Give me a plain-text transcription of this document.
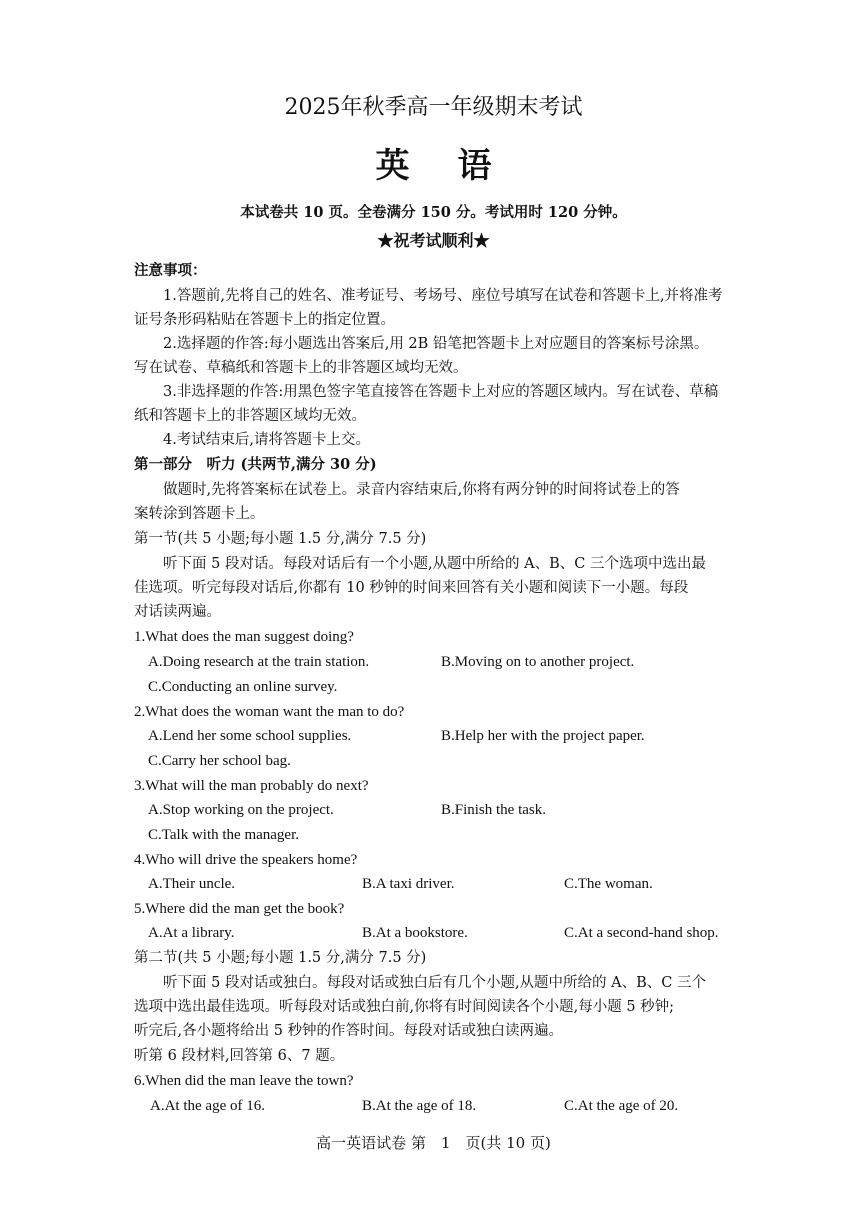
2025年秋季高一年级期末考试
英语
本试卷共 10 页。全卷满分 150 分。考试用时 120 分钟。
★祝考试顺利★
注意事项：
1.答题前,先将自己的姓名、准考证号、考场号、座位号填写在试卷和答题卡上,并将准考
证号条形码粘贴在答题卡上的指定位置。
2.选择题的作答:每小题选出答案后,用 2B 铅笔把答题卡上对应题目的答案标号涂黑。
写在试卷、草稿纸和答题卡上的非答题区域均无效。
3.非选择题的作答:用黑色签字笔直接答在答题卡上对应的答题区域内。写在试卷、草稿
纸和答题卡上的非答题区域均无效。
4.考试结束后,请将答题卡上交。
第一部分　听力 (共两节,满分 30 分)
做题时,先将答案标在试卷上。录音内容结束后,你将有两分钟的时间将试卷上的答
案转涂到答题卡上。
第一节(共 5 小题;每小题 1.5 分,满分 7.5 分)
听下面 5 段对话。每段对话后有一个小题,从题中所给的 A、B、C 三个选项中选出最
佳选项。听完每段对话后,你都有 10 秒钟的时间来回答有关小题和阅读下一小题。每段
对话读两遍。
1.What does the man suggest doing?
A.Doing research at the train station.	B.Moving on to another project.
C.Conducting an online survey.
2.What does the woman want the man to do?
A.Lend her some school supplies.	B.Help her with the project paper.
C.Carry her school bag.
3.What will the man probably do next?
A.Stop working on the project.	B.Finish the task.
C.Talk with the manager.
4.Who will drive the speakers home?
A.Their uncle.	B.A taxi driver.	C.The woman.
5.Where did the man get the book?
A.At a library.	B.At a bookstore.	C.At a second-hand shop.
第二节(共 5 小题;每小题 1.5 分,满分 7.5 分)
听下面 5 段对话或独白。每段对话或独白后有几个小题,从题中所给的 A、B、C 三个
选项中选出最佳选项。听每段对话或独白前,你将有时间阅读各个小题,每小题 5 秒钟;
听完后,各小题将给出 5 秒钟的作答时间。每段对话或独白读两遍。
听第 6 段材料,回答第 6、7 题。
6.When did the man leave the town?
A.At the age of 16.	B.At the age of 18.	C.At the age of 20.
高一英语试卷 第　1　页(共 10 页)
